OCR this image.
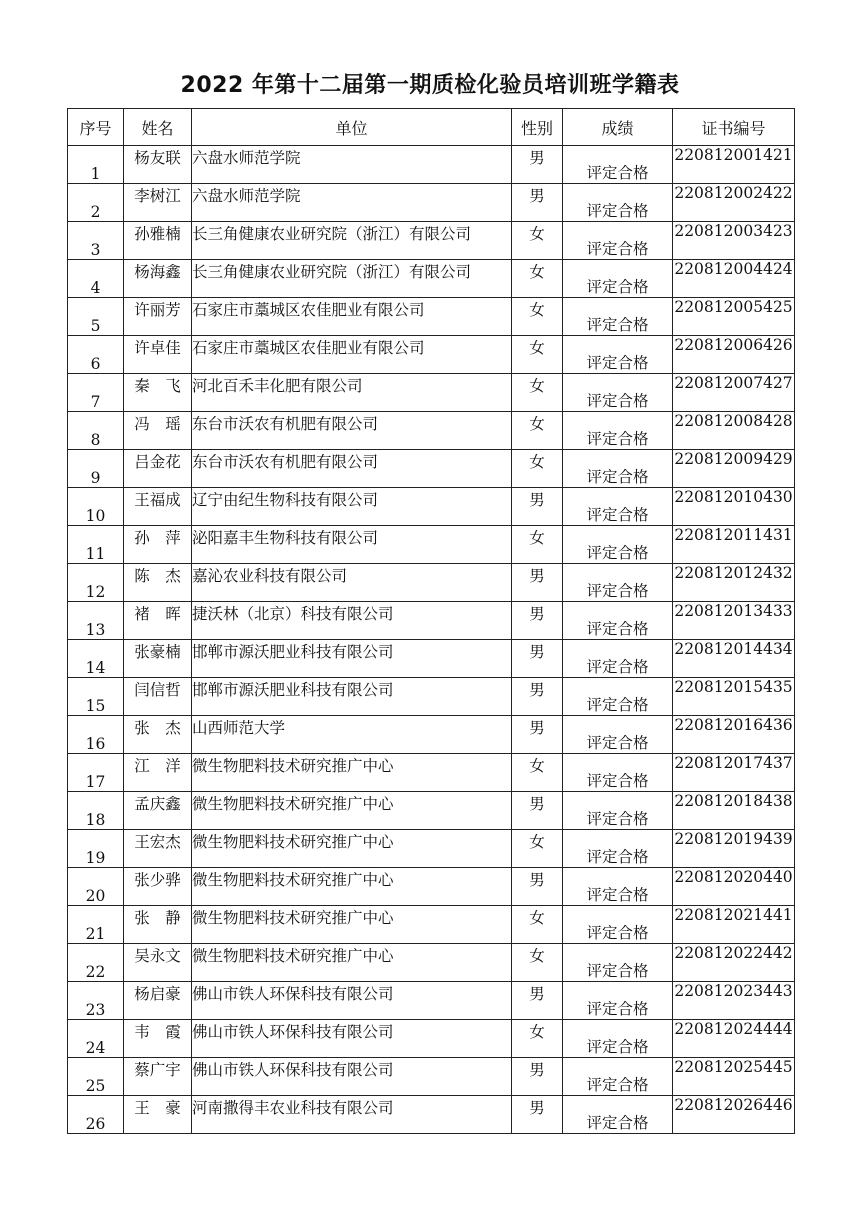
2022 年第十二届第一期质检化验员培训班学籍表
序号	姓名	单位	性别	成绩	证书编号
1	杨友联	六盘水师范学院	男	评定合格	220812001421
2	李树江	六盘水师范学院	男	评定合格	220812002422
3	孙雅楠	长三角健康农业研究院（浙江）有限公司	女	评定合格	220812003423
4	杨海鑫	长三角健康农业研究院（浙江）有限公司	女	评定合格	220812004424
5	许丽芳	石家庄市藁城区农佳肥业有限公司	女	评定合格	220812005425
6	许卓佳	石家庄市藁城区农佳肥业有限公司	女	评定合格	220812006426
7	秦　飞	河北百禾丰化肥有限公司	女	评定合格	220812007427
8	冯　瑶	东台市沃农有机肥有限公司	女	评定合格	220812008428
9	吕金花	东台市沃农有机肥有限公司	女	评定合格	220812009429
10	王福成	辽宁由纪生物科技有限公司	男	评定合格	220812010430
11	孙　萍	泌阳嘉丰生物科技有限公司	女	评定合格	220812011431
12	陈　杰	嘉沁农业科技有限公司	男	评定合格	220812012432
13	褚　晖	捷沃林（北京）科技有限公司	男	评定合格	220812013433
14	张豪楠	邯郸市源沃肥业科技有限公司	男	评定合格	220812014434
15	闫信哲	邯郸市源沃肥业科技有限公司	男	评定合格	220812015435
16	张　杰	山西师范大学	男	评定合格	220812016436
17	江　洋	微生物肥料技术研究推广中心	女	评定合格	220812017437
18	孟庆鑫	微生物肥料技术研究推广中心	男	评定合格	220812018438
19	王宏杰	微生物肥料技术研究推广中心	女	评定合格	220812019439
20	张少骅	微生物肥料技术研究推广中心	男	评定合格	220812020440
21	张　静	微生物肥料技术研究推广中心	女	评定合格	220812021441
22	吴永文	微生物肥料技术研究推广中心	女	评定合格	220812022442
23	杨启豪	佛山市铁人环保科技有限公司	男	评定合格	220812023443
24	韦　霞	佛山市铁人环保科技有限公司	女	评定合格	220812024444
25	蔡广宇	佛山市铁人环保科技有限公司	男	评定合格	220812025445
26	王　豪	河南撒得丰农业科技有限公司	男	评定合格	220812026446
